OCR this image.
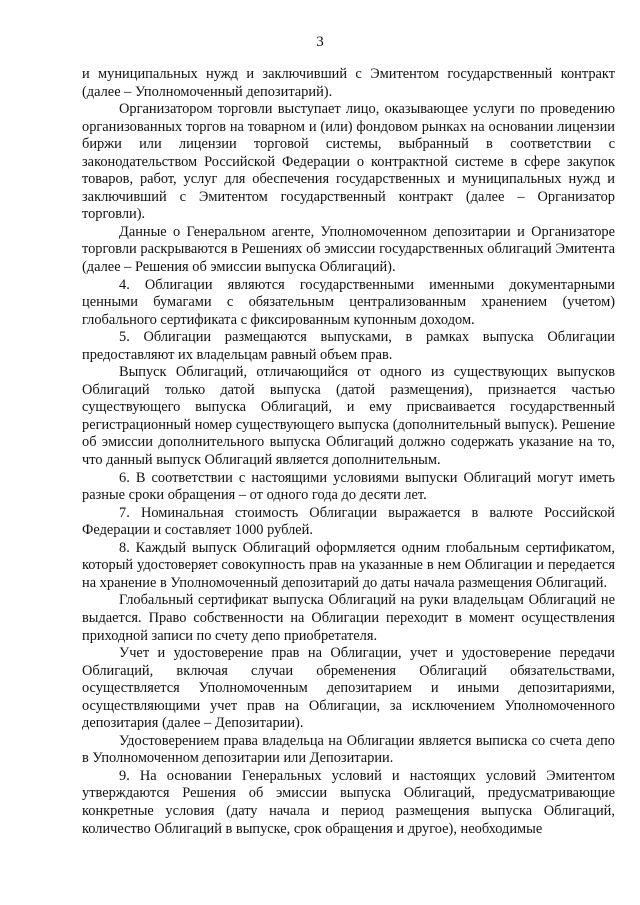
3

и муниципальных нужд и заключивший с Эмитентом государственный контракт (далее – Уполномоченный депозитарий).

Организатором торговли выступает лицо, оказывающее услуги по проведению организованных торгов на товарном и (или) фондовом рынках на основании лицензии биржи или лицензии торговой системы, выбранный в соответствии с законодательством Российской Федерации о контрактной системе в сфере закупок товаров, работ, услуг для обеспечения государственных и муниципальных нужд и заключивший с Эмитентом государственный контракт (далее – Организатор торговли).

Данные о Генеральном агенте, Уполномоченном депозитарии и Организаторе торговли раскрываются в Решениях об эмиссии государственных облигаций Эмитента (далее – Решения об эмиссии выпуска Облигаций).

4. Облигации являются государственными именными документарными ценными бумагами с обязательным централизованным хранением (учетом) глобального сертификата с фиксированным купонным доходом.

5. Облигации размещаются выпусками, в рамках выпуска Облигации предоставляют их владельцам равный объем прав.

Выпуск Облигаций, отличающийся от одного из существующих выпусков Облигаций только датой выпуска (датой размещения), признается частью существующего выпуска Облигаций, и ему присваивается государственный регистрационный номер существующего выпуска (дополнительный выпуск). Решение об эмиссии дополнительного выпуска Облигаций должно содержать указание на то, что данный выпуск Облигаций является дополнительным.

6. В соответствии с настоящими условиями выпуски Облигаций могут иметь разные сроки обращения – от одного года до десяти лет.

7. Номинальная стоимость Облигации выражается в валюте Российской Федерации и составляет 1000 рублей.

8. Каждый выпуск Облигаций оформляется одним глобальным сертификатом, который удостоверяет совокупность прав на указанные в нем Облигации и передается на хранение в Уполномоченный депозитарий до даты начала размещения Облигаций.

Глобальный сертификат выпуска Облигаций на руки владельцам Облигаций не выдается. Право собственности на Облигации переходит в момент осуществления приходной записи по счету депо приобретателя.

Учет и удостоверение прав на Облигации, учет и удостоверение передачи Облигаций, включая случаи обременения Облигаций обязательствами, осуществляется Уполномоченным депозитарием и иными депозитариями, осуществляющими учет прав на Облигации, за исключением Уполномоченного депозитария (далее – Депозитарии).

Удостоверением права владельца на Облигации является выписка со счета депо в Уполномоченном депозитарии или Депозитарии.

9. На основании Генеральных условий и настоящих условий Эмитентом утверждаются Решения об эмиссии выпуска Облигаций, предусматривающие конкретные условия (дату начала и период размещения выпуска Облигаций, количество Облигаций в выпуске, срок обращения и другое), необходимые
